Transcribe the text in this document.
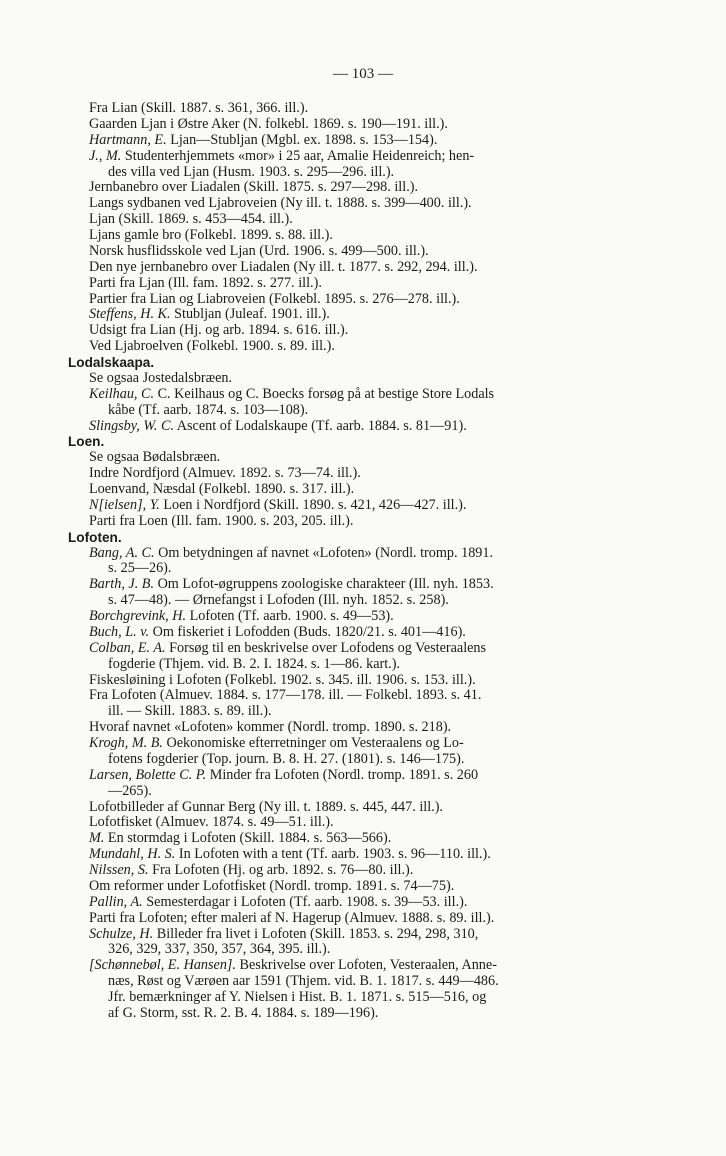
— 103 —
Fra Lian (Skill. 1887. s. 361, 366. ill.).
Gaarden Ljan i Østre Aker (N. folkebl. 1869. s. 190—191. ill.).
Hartmann, E. Ljan—Stubljan (Mgbl. ex. 1898. s. 153—154).
J., M. Studenterhjemmets «mor» i 25 aar, Amalie Heidenreich; hen-
des villa ved Ljan (Husm. 1903. s. 295—296. ill.).
Jernbanebro over Liadalen (Skill. 1875. s. 297—298. ill.).
Langs sydbanen ved Ljabroveien (Ny ill. t. 1888. s. 399—400. ill.).
Ljan (Skill. 1869. s. 453—454. ill.).
Ljans gamle bro (Folkebl. 1899. s. 88. ill.).
Norsk husflidsskole ved Ljan (Urd. 1906. s. 499—500. ill.).
Den nye jernbanebro over Liadalen (Ny ill. t. 1877. s. 292, 294. ill.).
Parti fra Ljan (Ill. fam. 1892. s. 277. ill.).
Partier fra Lian og Liabroveien (Folkebl. 1895. s. 276—278. ill.).
Steffens, H. K. Stubljan (Juleaf. 1901. ill.).
Udsigt fra Lian (Hj. og arb. 1894. s. 616. ill.).
Ved Ljabroelven (Folkebl. 1900. s. 89. ill.).
Lodalskaapa.
Se ogsaa Jostedalsbræen.
Keilhau, C. C. Keilhaus og C. Boecks forsøg på at bestige Store Lodals
kåbe (Tf. aarb. 1874. s. 103—108).
Slingsby, W. C. Ascent of Lodalskaupe (Tf. aarb. 1884. s. 81—91).
Loen.
Se ogsaa Bødalsbræen.
Indre Nordfjord (Almuev. 1892. s. 73—74. ill.).
Loenvand, Næsdal (Folkebl. 1890. s. 317. ill.).
N[ielsen], Y. Loen i Nordfjord (Skill. 1890. s. 421, 426—427. ill.).
Parti fra Loen (Ill. fam. 1900. s. 203, 205. ill.).
Lofoten.
Bang, A. C. Om betydningen af navnet «Lofoten» (Nordl. tromp. 1891.
s. 25—26).
Barth, J. B. Om Lofot-øgruppens zoologiske charakteer (Ill. nyh. 1853.
s. 47—48). — Ørnefangst i Lofoden (Ill. nyh. 1852. s. 258).
Borchgrevink, H. Lofoten (Tf. aarb. 1900. s. 49—53).
Buch, L. v. Om fiskeriet i Lofodden (Buds. 1820/21. s. 401—416).
Colban, E. A. Forsøg til en beskrivelse over Lofodens og Vesteraalens
fogderie (Thjem. vid. B. 2. I. 1824. s. 1—86. kart.).
Fiskesløining i Lofoten (Folkebl. 1902. s. 345. ill. 1906. s. 153. ill.).
Fra Lofoten (Almuev. 1884. s. 177—178. ill. — Folkebl. 1893. s. 41.
ill. — Skill. 1883. s. 89. ill.).
Hvoraf navnet «Lofoten» kommer (Nordl. tromp. 1890. s. 218).
Krogh, M. B. Oekonomiske efterretninger om Vesteraalens og Lo-
fotens fogderier (Top. journ. B. 8. H. 27. (1801). s. 146—175).
Larsen, Bolette C. P. Minder fra Lofoten (Nordl. tromp. 1891. s. 260
—265).
Lofotbilleder af Gunnar Berg (Ny ill. t. 1889. s. 445, 447. ill.).
Lofotfisket (Almuev. 1874. s. 49—51. ill.).
M. En stormdag i Lofoten (Skill. 1884. s. 563—566).
Mundahl, H. S. In Lofoten with a tent (Tf. aarb. 1903. s. 96—110. ill.).
Nilssen, S. Fra Lofoten (Hj. og arb. 1892. s. 76—80. ill.).
Om reformer under Lofotfisket (Nordl. tromp. 1891. s. 74—75).
Pallin, A. Semesterdagar i Lofoten (Tf. aarb. 1908. s. 39—53. ill.).
Parti fra Lofoten; efter maleri af N. Hagerup (Almuev. 1888. s. 89. ill.).
Schulze, H. Billeder fra livet i Lofoten (Skill. 1853. s. 294, 298, 310,
326, 329, 337, 350, 357, 364, 395. ill.).
[Schønnebøl, E. Hansen]. Beskrivelse over Lofoten, Vesteraalen, Anne-
næs, Røst og Værøen aar 1591 (Thjem. vid. B. 1. 1817. s. 449—486.
Jfr. bemærkninger af Y. Nielsen i Hist. B. 1. 1871. s. 515—516, og
af G. Storm, sst. R. 2. B. 4. 1884. s. 189—196).
